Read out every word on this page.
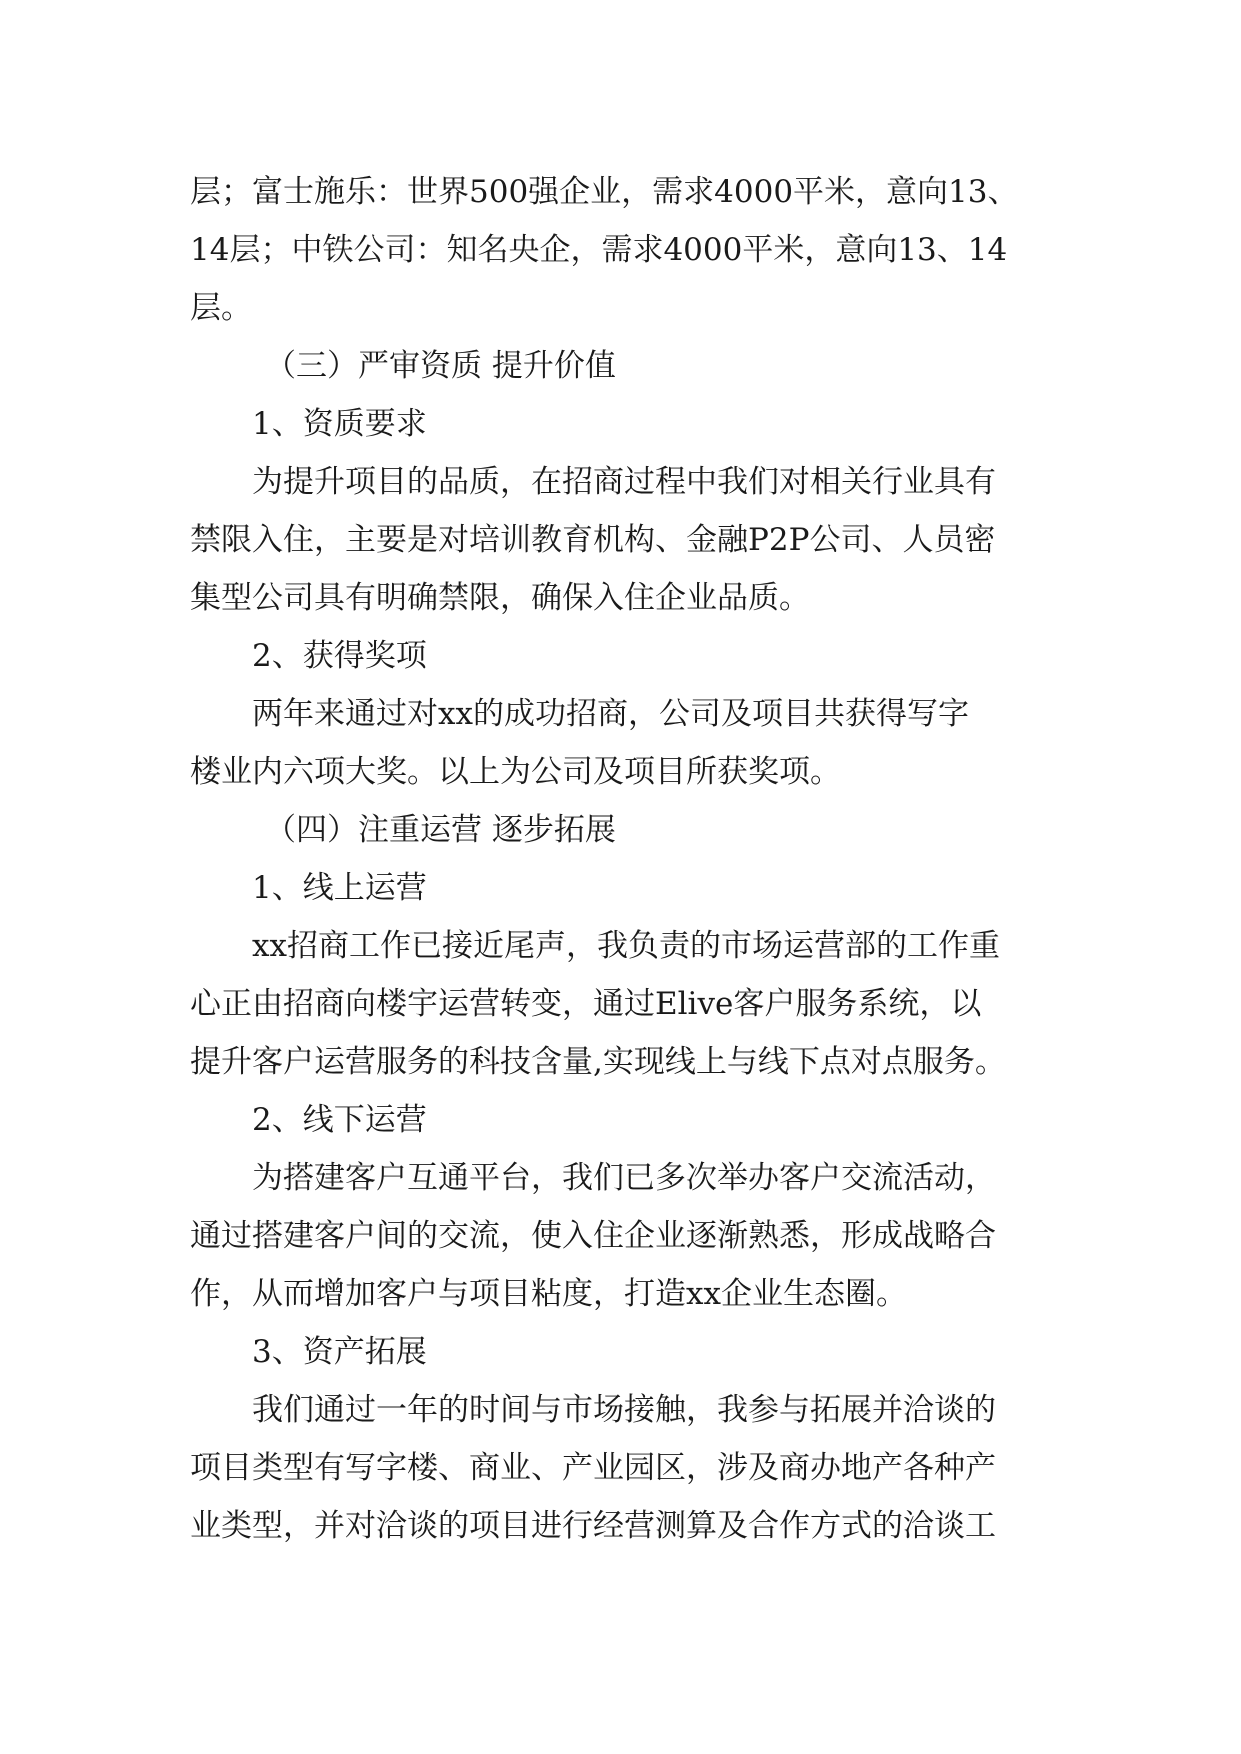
层；富士施乐：世界500强企业，需求4000平米，意向13、
14层；中铁公司：知名央企，需求4000平米，意向13、14
层。
（三）严审资质 提升价值
1、资质要求
为提升项目的品质，在招商过程中我们对相关行业具有
禁限入住，主要是对培训教育机构、金融P2P公司、人员密
集型公司具有明确禁限，确保入住企业品质。
2、获得奖项
两年来通过对xx的成功招商，公司及项目共获得写字
楼业内六项大奖。以上为公司及项目所获奖项。
（四）注重运营 逐步拓展
1、线上运营
xx招商工作已接近尾声，我负责的市场运营部的工作重
心正由招商向楼宇运营转变，通过Elive客户服务系统，以
提升客户运营服务的科技含量,实现线上与线下点对点服务。
2、线下运营
为搭建客户互通平台，我们已多次举办客户交流活动，
通过搭建客户间的交流，使入住企业逐渐熟悉，形成战略合
作，从而增加客户与项目粘度，打造xx企业生态圈。
3、资产拓展
我们通过一年的时间与市场接触，我参与拓展并洽谈的
项目类型有写字楼、商业、产业园区，涉及商办地产各种产
业类型，并对洽谈的项目进行经营测算及合作方式的洽谈工
